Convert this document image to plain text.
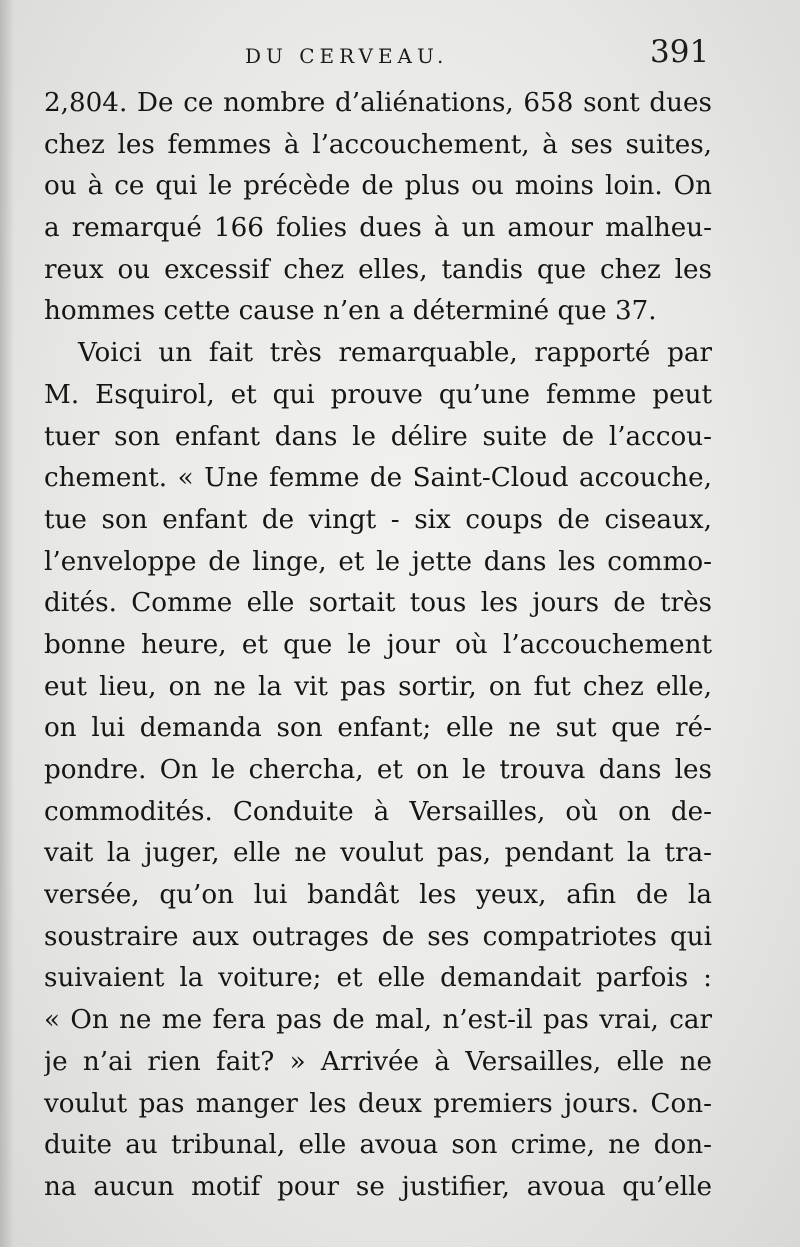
DU CERVEAU.	391
2,804. De ce nombre d’aliénations, 658 sont dues
chez les femmes à l’accouchement, à ses suites,
ou à ce qui le précède de plus ou moins loin. On
a remarqué 166 folies dues à un amour malheu-
reux ou excessif chez elles, tandis que chez les
hommes cette cause n’en a déterminé que 37.
Voici un fait très remarquable, rapporté par
M. Esquirol, et qui prouve qu’une femme peut
tuer son enfant dans le délire suite de l’accou-
chement. « Une femme de Saint-Cloud accouche,
tue son enfant de vingt - six coups de ciseaux,
l’enveloppe de linge, et le jette dans les commo-
dités. Comme elle sortait tous les jours de très
bonne heure, et que le jour où l’accouchement
eut lieu, on ne la vit pas sortir, on fut chez elle,
on lui demanda son enfant; elle ne sut que ré-
pondre. On le chercha, et on le trouva dans les
commodités. Conduite à Versailles, où on de-
vait la juger, elle ne voulut pas, pendant la tra-
versée, qu’on lui bandât les yeux, afin de la
soustraire aux outrages de ses compatriotes qui
suivaient la voiture; et elle demandait parfois :
« On ne me fera pas de mal, n’est-il pas vrai, car
je n’ai rien fait? » Arrivée à Versailles, elle ne
voulut pas manger les deux premiers jours. Con-
duite au tribunal, elle avoua son crime, ne don-
na aucun motif pour se justifier, avoua qu’elle
